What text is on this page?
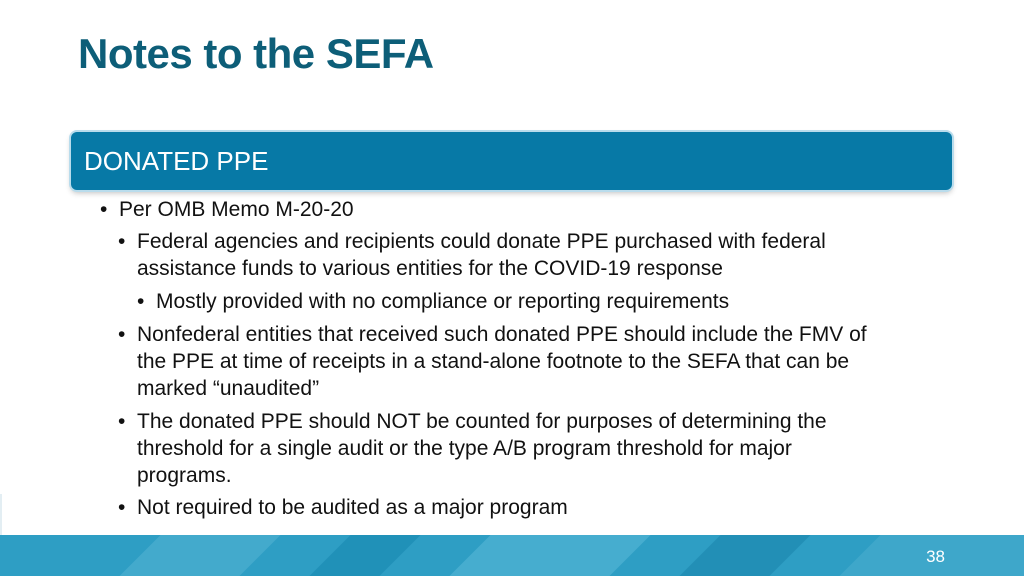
Notes to the SEFA
DONATED PPE
• Per OMB Memo M-20-20
• Federal agencies and recipients could donate PPE purchased with federal
assistance funds to various entities for the COVID-19 response
• Mostly provided with no compliance or reporting requirements
• Nonfederal entities that received such donated PPE should include the FMV of
the PPE at time of receipts in a stand-alone footnote to the SEFA that can be
marked “unaudited”
• The donated PPE should NOT be counted for purposes of determining the
threshold for a single audit or the type A/B program threshold for major
programs.
• Not required to be audited as a major program
38
